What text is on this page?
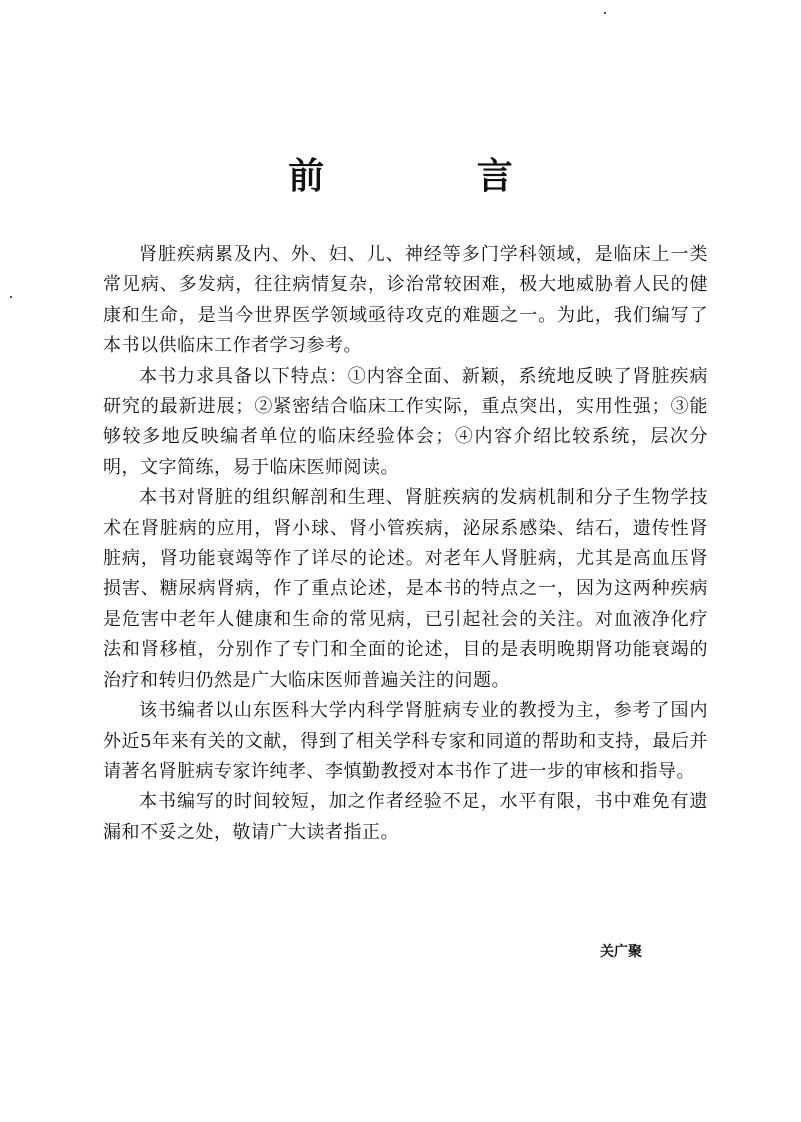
前 言

肾脏疾病累及内、外、妇、儿、神经等多门学科领域，是临床上一类常见病、多发病，往往病情复杂，诊治常较困难，极大地威胁着人民的健康和生命，是当今世界医学领域亟待攻克的难题之一。为此，我们编写了本书以供临床工作者学习参考。

本书力求具备以下特点：①内容全面、新颖，系统地反映了肾脏疾病研究的最新进展；②紧密结合临床工作实际，重点突出，实用性强；③能够较多地反映编者单位的临床经验体会；④内容介绍比较系统，层次分明，文字简练，易于临床医师阅读。

本书对肾脏的组织解剖和生理、肾脏疾病的发病机制和分子生物学技术在肾脏病的应用，肾小球、肾小管疾病，泌尿系感染、结石，遗传性肾脏病，肾功能衰竭等作了详尽的论述。对老年人肾脏病，尤其是高血压肾损害、糖尿病肾病，作了重点论述，是本书的特点之一，因为这两种疾病是危害中老年人健康和生命的常见病，已引起社会的关注。对血液净化疗法和肾移植，分别作了专门和全面的论述，目的是表明晚期肾功能衰竭的治疗和转归仍然是广大临床医师普遍关注的问题。

该书编者以山东医科大学内科学肾脏病专业的教授为主，参考了国内外近5年来有关的文献，得到了相关学科专家和同道的帮助和支持，最后并请著名肾脏病专家许纯孝、李慎勤教授对本书作了进一步的审核和指导。

本书编写的时间较短，加之作者经验不足，水平有限，书中难免有遗漏和不妥之处，敬请广大读者指正。

关广聚
